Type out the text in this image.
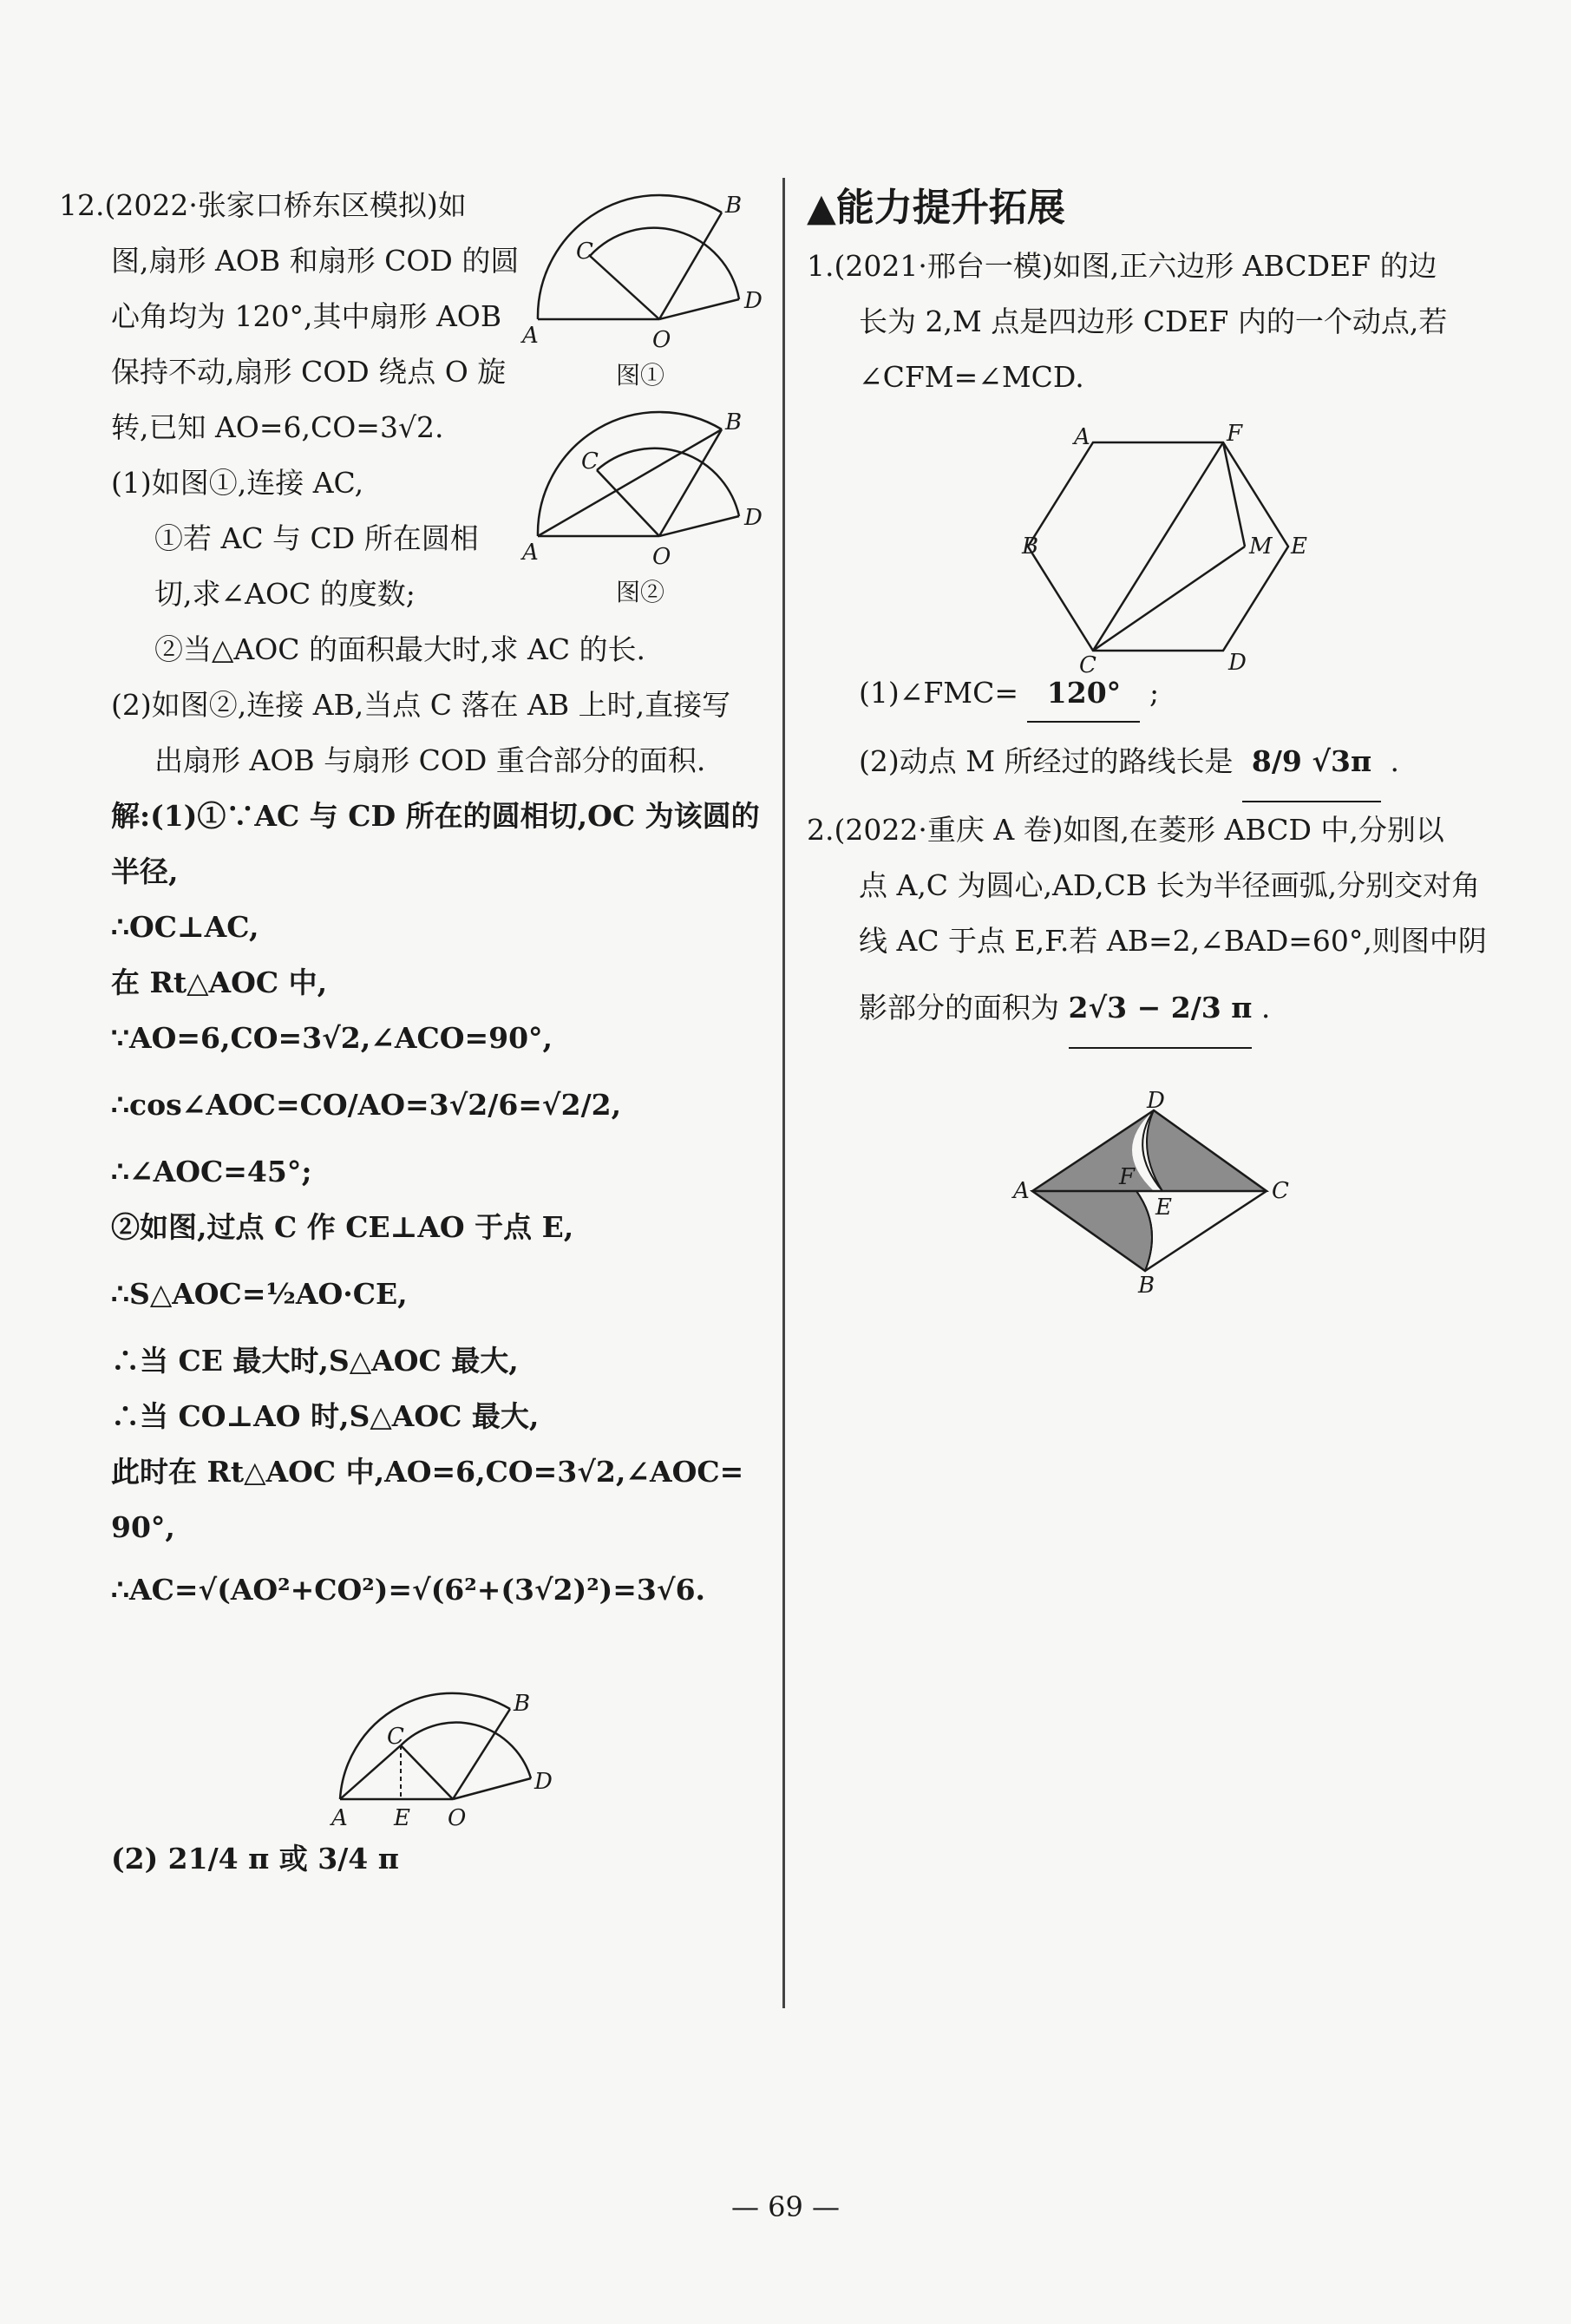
12.(2022·张家口桥东区模拟)如
图,扇形 AOB 和扇形 COD 的圆
心角均为 120°,其中扇形 AOB
保持不动,扇形 COD 绕点 O 旋
转,已知 AO=6,CO=3√2.
(1)如图①,连接 AC,
①若 AC 与 CD 所在圆相
切,求∠AOC 的度数;
②当△AOC 的面积最大时,求 AC 的长.
(2)如图②,连接 AB,当点 C 落在 AB 上时,直接写
出扇形 AOB 与扇形 COD 重合部分的面积.
解:(1)①∵AC 与 CD 所在的圆相切,OC 为该圆的
半径,
∴OC⊥AC,
在 Rt△AOC 中,
∵AO=6,CO=3√2,∠ACO=90°,
∴cos∠AOC=CO/AO=3√2/6=√2/2,
∴∠AOC=45°;
②如图,过点 C 作 CE⊥AO 于点 E,
∴S△AOC=½AO·CE,
∴当 CE 最大时,S△AOC 最大,
∴当 CO⊥AO 时,S△AOC 最大,
此时在 Rt△AOC 中,AO=6,CO=3√2,∠AOC=
90°,
∴AC=√(AO²+CO²)=√(6²+(3√2)²)=3√6.
(2) 21/4 π 或 3/4 π
A	O
B
C
D
图①
A	O
B
C
D
图②
A E O
B
C
D
▲能力提升拓展
1.(2021·邢台一模)如图,正六边形 ABCDEF 的边
长为 2,M 点是四边形 CDEF 内的一个动点,若
∠CFM=∠MCD.
(1)∠FMC= 120° ;
(2)动点 M 所经过的路线长是 8/9 √3π .
2.(2022·重庆 A 卷)如图,在菱形 ABCD 中,分别以
点 A,C 为圆心,AD,CB 长为半径画弧,分别交对角
线 AC 于点 E,F.若 AB=2,∠BAD=60°,则图中阴
影部分的面积为 2√3 − 2/3 π .
A	F
B	M E
C	D
A
D
C
B
F
E
— 69 —
